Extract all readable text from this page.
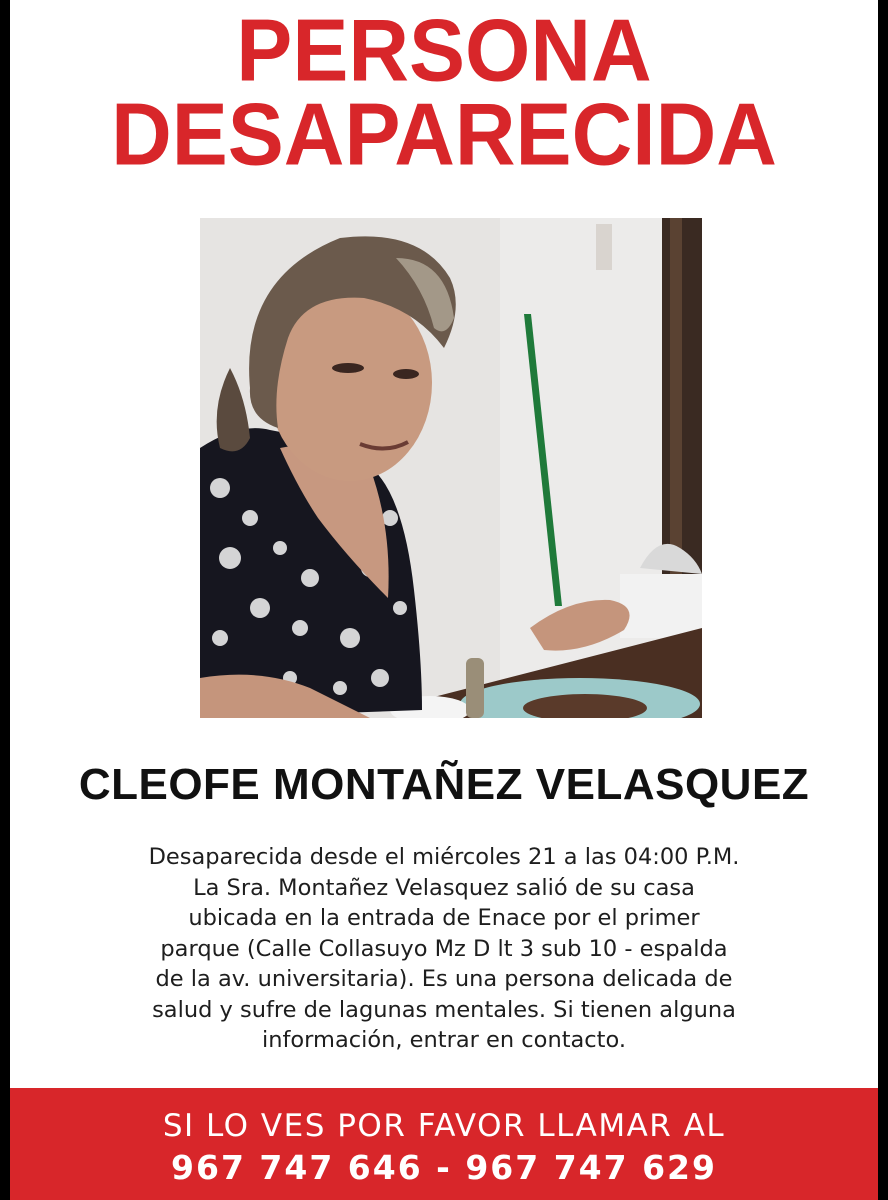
PERSONA
DESAPARECIDA
CLEOFE MONTAÑEZ VELASQUEZ
Desaparecida desde el miércoles 21 a las 04:00 P.M.
La Sra. Montañez Velasquez salió de su casa
ubicada en la entrada de Enace por el primer
parque (Calle Collasuyo Mz D lt 3 sub 10 - espalda
de la av. universitaria). Es una persona delicada de
salud y sufre de lagunas mentales. Si tienen alguna
información, entrar en contacto.
SI LO VES POR FAVOR LLAMAR AL
967 747 646 - 967 747 629
